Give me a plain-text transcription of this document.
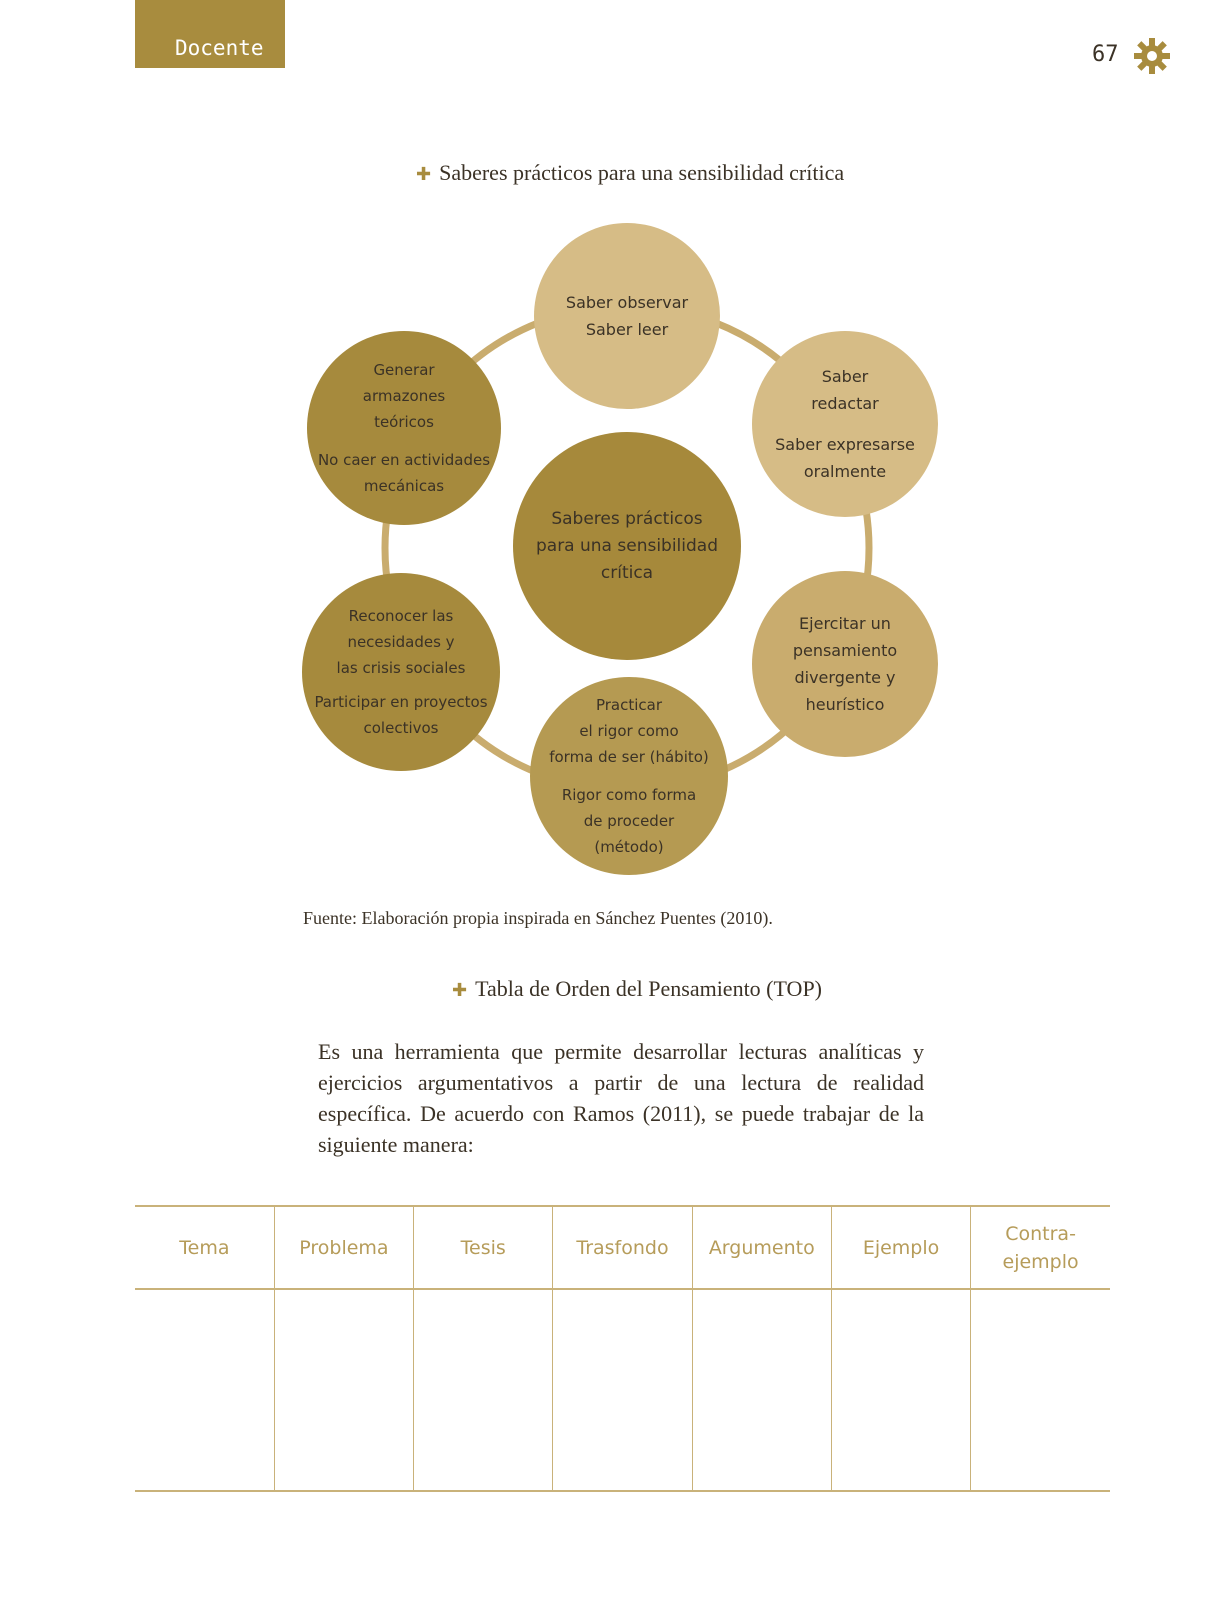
Docente	67
✚ Saberes prácticos para una sensibilidad crítica
Saber observar
Saber leer
Saber
redactar
Saber expresarse
oralmente
Ejercitar un
pensamiento
divergente y
heurístico
Practicar
el rigor como
forma de ser (hábito)
Rigor como forma
de proceder
(método)
Reconocer las
necesidades y
las crisis sociales
Participar en proyectos
colectivos
Generar
armazones
teóricos
No caer en actividades
mecánicas
Saberes prácticos
para una sensibilidad
crítica
Fuente: Elaboración propia inspirada en Sánchez Puentes (2010).
✚ Tabla de Orden del Pensamiento (TOP)
Es una herramienta que permite desarrollar lecturas analíticas y ejercicios argumentativos a partir de una lectura de realidad específica. De acuerdo con Ramos (2011), se puede trabajar de la siguiente manera:
Tema	Problema	Tesis	Trasfondo	Argumento	Ejemplo	Contra-
ejemplo
